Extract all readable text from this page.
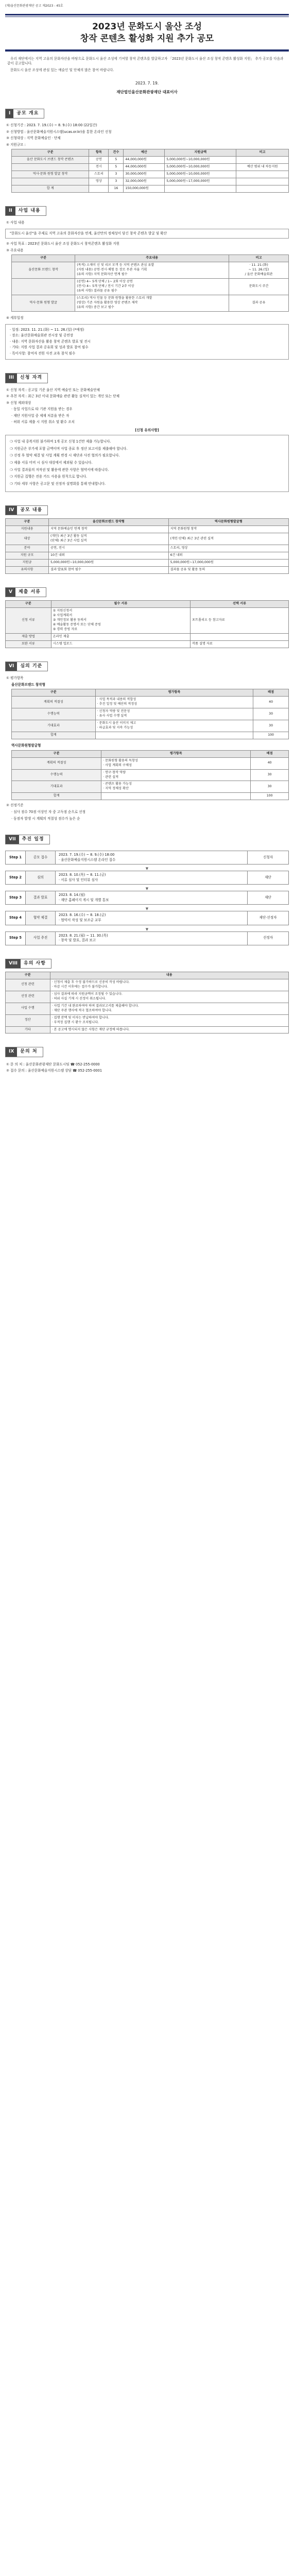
(재)울산문화관광재단 공고 제2023 - 45호
2023년 문화도시 울산 조성
창작 콘텐츠 활성화 지원 추가 공모

우리 재단에서는 지역 고유의 문화자산을 바탕으로 문화도시 울산 조성에 기여할 창작 콘텐츠를 발굴하고자 「2023년 문화도시 울산 조성 창작 콘텐츠 활성화 지원」 추가 공모를 다음과 같이 공고합니다.

문화도시 울산 조성에 관심 있는 예술인 및 단체의 많은 참여 바랍니다.

2023. 7. 19.
재단법인울산문화관광재단 대표이사
I	공모 개요
① 신청기간 : 2023. 7. 19.(수) ~ 8. 9.(수) 18:00 (22일간)
② 신청방법 : 울산문화예술지원시스템(ucas.or.kr)을 통한 온라인 신청
③ 신청대상 : 지역 문화예술인 · 단체
④ 지원규모 :
구분	항목	건수	예산	지원금액	비고
울산 문화도시 브랜드 창작 콘텐츠	공연	5	44,000,000원	5,000,000원~10,000,000원	
	전시	5	44,000,000원	5,000,000원~10,000,000원	예산 범위 내 차등지원
역사·문화 원형 발굴 창작	스토리	3	30,000,000원	5,000,000원~10,000,000원	
	영상	3	32,000,000원	5,000,000원~17,000,000원	
합 계		16	150,000,000원		
II	사업 내용
① 사업 내용
"문화도시 울산"을 주제로 지역 고유의 문화자산을 연계, 울산만의 정체성이 담긴 창작 콘텐츠 발굴 및 확산
② 사업 목표 : 2023년 문화도시 울산 조성 문화도시 창작콘텐츠 활성화 지원
③ 주요내용
구분	주요내용	비고
울산문화 브랜드 창작	(목적) 소재미 신 및 리브 모객 등 지역 콘텐츠 관심 유발
(지원 내용) 공연·전시·체험 등 장르 무관 자율 기획
(유의 사항) 지역 문화자산 연계 필수	· 11. 21.(화)
~ 11. 26.(일)
/ 울산 문화예술회관
	(공연) 4~ 5개 단체 / 1~ 2회 이상 공연
(전시) 4~ 5개 단체 / 전시 기간 2주 이상
(유의 사항) 결과물 공유 필수	문화도시 주간
역사·문화 원형 발굴	(스토리) 역사 인물 등 문화 원형을 활용한 스토리 개발
(영상) 기존 자원을 활용한 영상 콘텐츠 제작
(유의 사항) 중간 보고 필수	결과 공유
④ 세부일정
· 일정: 2023. 11. 21.(화) ~ 11. 26.(일) (*예정)
· 장소: 울산문화예술회관 전시장 및 공연장
· 내용: 지역 문화자산을 활용 창작 콘텐츠 발표 및 전시
· 기타: 지원 사업 결과 공유회 및 성과 발표 참여 필수
· 특이사항: 참여자 전원 사전 교육 참석 필수
III	신청 자격
① 신청 자격 : 공고일 기준 울산 지역 예술인 또는 문화예술단체
② 추천 자격 : 최근 3년 이내 문화예술 관련 활동 실적이 있는 개인 또는 단체
③ 신청 제외대상
· 동일 사업으로 타 기관 지원을 받는 경우
· 재단 지원사업 중 제재 처분을 받은 자
· 허위 서류 제출 시 지원 취소 및 환수 조치
[신청 유의사항]

❍ 사업 내 중복지원 불가하며 1개 공모 신청 1건만 제출 가능합니다.

❍ 지원금은 부가세 포함 금액이며 사업 종료 후 정산 보고서를 제출해야 합니다.

❍ 선정 후 협약 체결 및 사업 계획 변경 시 재단과 사전 협의가 필요합니다.

❍ 제출 서류 미비 시 심사 대상에서 제외될 수 있습니다.

❍ 사업 결과물의 저작권 및 활용에 관한 사항은 협약서에 따릅니다.

❍ 지원금 집행은 전용 카드 사용을 원칙으로 합니다.

❍ 기타 세부 사항은 공고문 및 선정자 설명회를 통해 안내합니다.

IV	공모 내용
구분	울산문화브랜드 창작형	역사문화원형발굴형
지원내용	지역 문화예술인 연계 창작	지역 문화원형 창작
대상	(개인) 최근 3년 활동 실적
(단체) 최근 3년 사업 실적	(개인·단체) 최근 3년 관련 실적
분야	공연, 전시	스토리, 영상
지원 규모	10건 내외	6건 내외
지원금	5,000,000원~10,000,000원	5,000,000원~17,000,000원
유의사항	결과 발표회 참여 필수	결과물 공유 및 활용 동의
V	제출 서류
구분	필수 서류	선택 서류
신청 서류	① 지원신청서
② 사업계획서
③ 개인정보 활용 동의서
④ 예술활동 증명서 또는 단체 증빙
⑤ 경력 증빙 자료	포트폴리오 등 참고자료
제출 방법	온라인 제출	
보완 서류	시스템 업로드	작품 설명 자료
VI	심의 기준
① 평가항목
울산문화브랜드 창작형
구분	평가항목	배점
계획의 적절성	· 사업 목적과 내용의 적합성
· 추진 일정 및 예산의 적정성	40
수행능력	· 신청자 역량 및 전문성
· 유사 사업 수행 실적	30
기대효과	· 문화도시 울산 이미지 제고
· 파급효과 및 지속 가능성	30
합계		100
역사문화원형발굴형
구분	평가항목	배점
계획의 적절성	· 문화원형 활용의 독창성
· 사업 계획의 구체성	40
수행능력	· 연구·창작 역량
· 관련 실적	30
기대효과	· 콘텐츠 활용 가능성
· 지역 정체성 확산	30
합계		100
② 선정기준
· 심사 점수 70점 이상인 자 중 고득점 순으로 선정
· 동점자 발생 시 계획의 적절성 점수가 높은 순
VII	추진 일정
Step 1	공모 접수
2023. 7. 19.(수) ~ 8. 9.(수) 18:00
· 울산문화예술지원시스템 온라인 접수
신청자
▼
Step 2	심의
2023. 8. 10.(목) ~ 8. 11.(금)
· 서류 심사 및 인터뷰 심사
재단
▼
Step 3	결과 발표
2023. 8. 14.(월)
· 재단 홈페이지 게시 및 개별 통보
재단
▼
Step 4	협약 체결
2023. 8. 16.(수) ~ 8. 18.(금)
· 협약서 작성 및 보조금 교부
재단·선정자
▼
Step 5	사업 추진
2023. 8. 21.(월) ~ 11. 30.(목)
· 창작 및 발표, 결과 보고
선정자
VIII	유의 사항
구분	내용
신청 관련	· 신청서 제출 후 수정 불가하므로 신중히 작성 바랍니다.
· 마감 시간 이후에는 접수가 불가합니다.
선정 관련	· 심사 결과에 따라 지원금액이 조정될 수 있습니다.
· 허위 사실 기재 시 선정이 취소됩니다.
사업 수행	· 사업 기간 내 완료하여야 하며 결과보고서를 제출해야 합니다.
· 재단 주관 행사에 적극 협조하여야 합니다.
정산	· 집행 잔액 및 이자는 반납하여야 합니다.
· 부적정 집행 시 환수 조치됩니다.
기타	· 본 공고에 명시되지 않은 사항은 재단 규정에 따릅니다.
IX	문의 처
① 문 의 처 : 울산문화관광재단 문화도시팀 ☎ 052-255-0000
② 접수 문의 : 울산문화예술지원시스템 상담 ☎ 052-255-0001
